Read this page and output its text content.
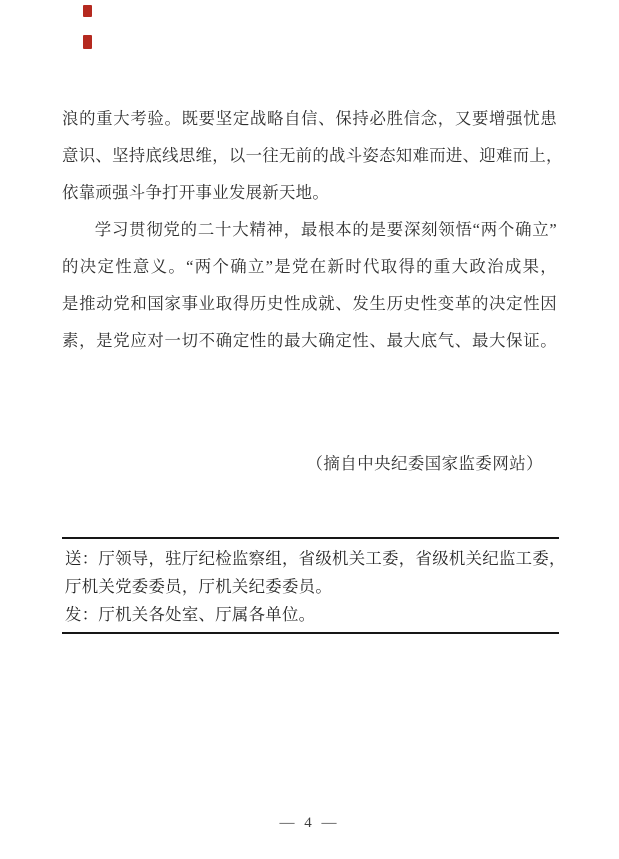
浪的重大考验。既要坚定战略自信、保持必胜信念，又要增强忧患
意识、坚持底线思维，以一往无前的战斗姿态知难而进、迎难而上，
依靠顽强斗争打开事业发展新天地。
学习贯彻党的二十大精神，最根本的是要深刻领悟“两个确立”
的决定性意义。“两个确立”是党在新时代取得的重大政治成果，
是推动党和国家事业取得历史性成就、发生历史性变革的决定性因
素，是党应对一切不确定性的最大确定性、最大底气、最大保证。
（摘自中央纪委国家监委网站）
送：厅领导，驻厅纪检监察组，省级机关工委，省级机关纪监工委，
厅机关党委委员，厅机关纪委委员。
发：厅机关各处室、厅属各单位。
— 4 —
